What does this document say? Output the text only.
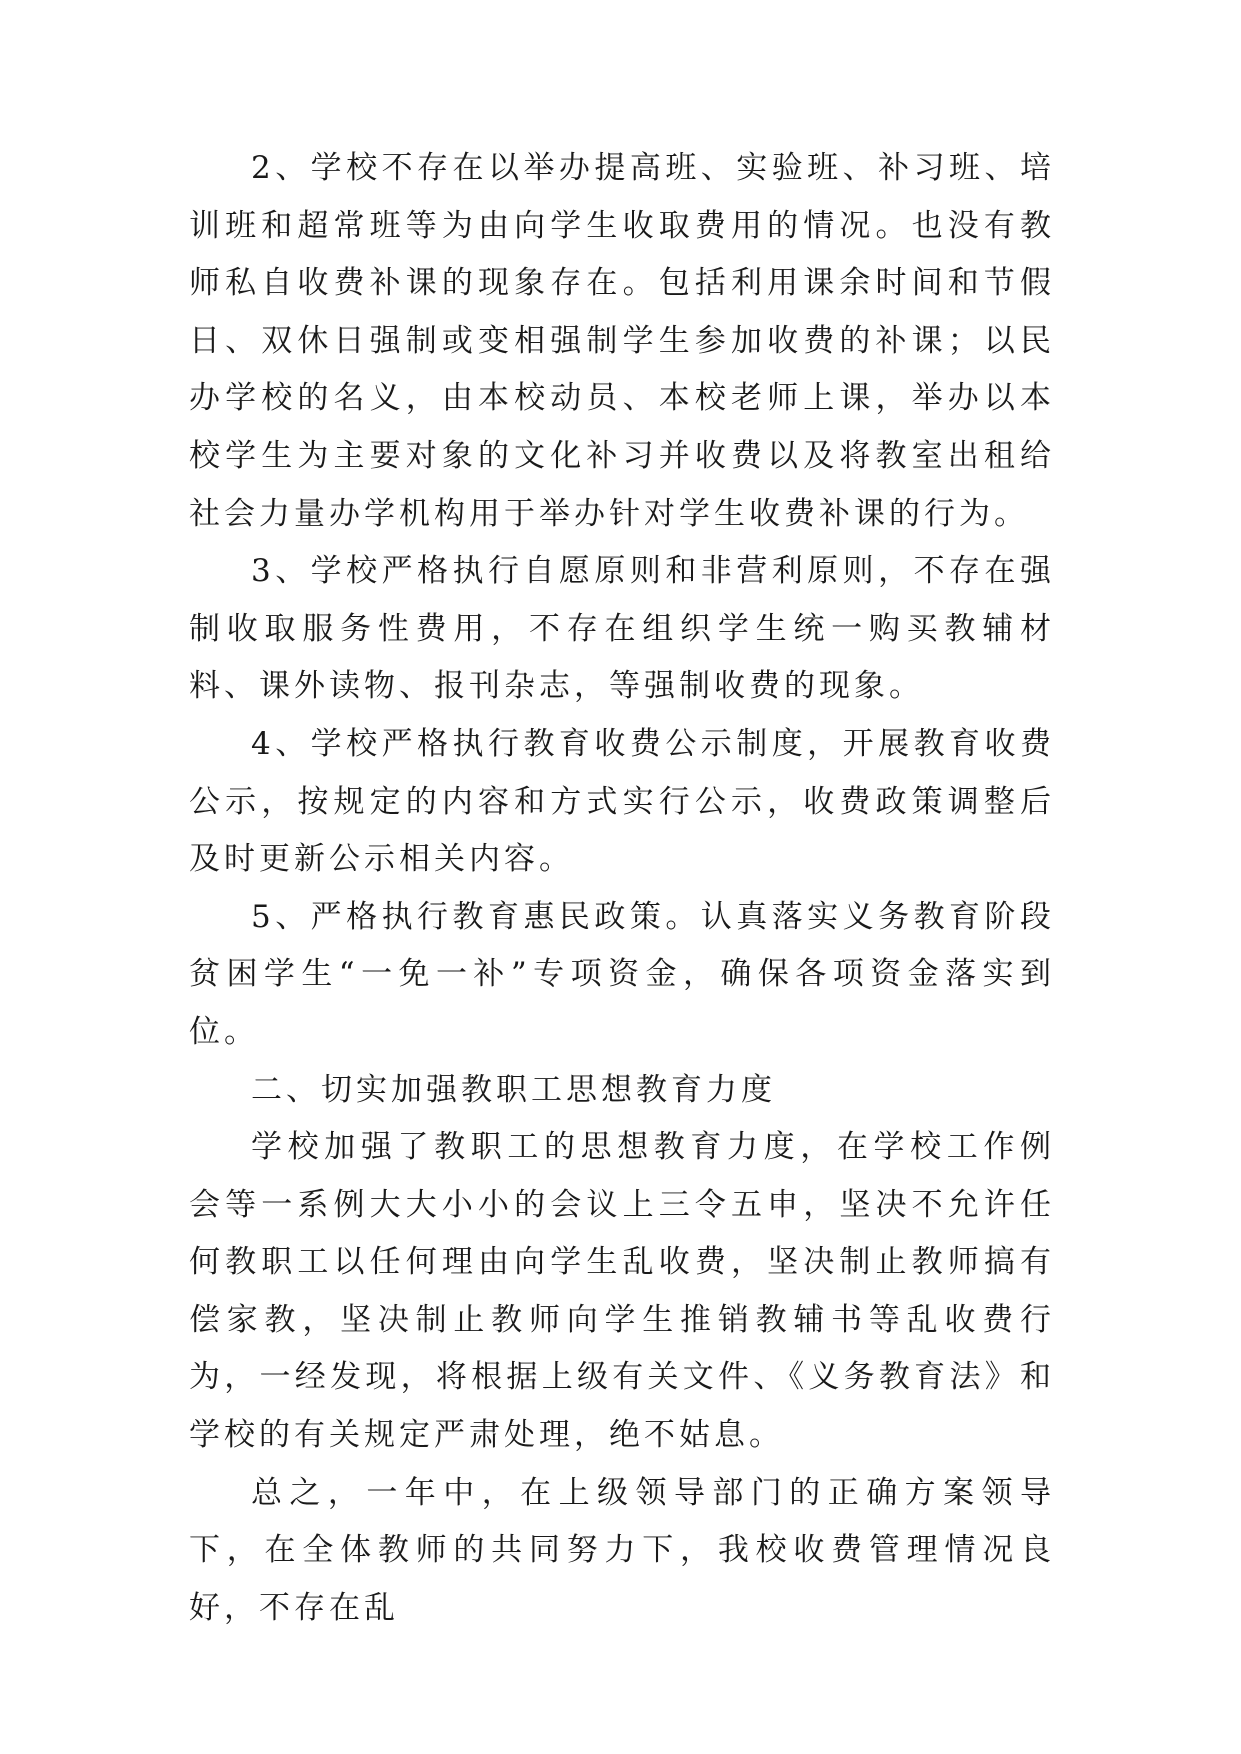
2、学校不存在以举办提高班、实验班、补习班、培训班和超常班等为由向学生收取费用的情况。也没有教师私自收费补课的现象存在。包括利用课余时间和节假日、双休日强制或变相强制学生参加收费的补课；以民办学校的名义，由本校动员、本校老师上课，举办以本校学生为主要对象的文化补习并收费以及将教室出租给社会力量办学机构用于举办针对学生收费补课的行为。

3、学校严格执行自愿原则和非营利原则，不存在强制收取服务性费用，不存在组织学生统一购买教辅材料、课外读物、报刊杂志，等强制收费的现象。

4、学校严格执行教育收费公示制度，开展教育收费公示，按规定的内容和方式实行公示，收费政策调整后及时更新公示相关内容。

5、严格执行教育惠民政策。认真落实义务教育阶段贫困学生“一免一补”专项资金，确保各项资金落实到位。

二、切实加强教职工思想教育力度

学校加强了教职工的思想教育力度，在学校工作例会等一系例大大小小的会议上三令五申，坚决不允许任何教职工以任何理由向学生乱收费，坚决制止教师搞有偿家教，坚决制止教师向学生推销教辅书等乱收费行为，一经发现，将根据上级有关文件、《义务教育法》和学校的有关规定严肃处理，绝不姑息。

总之，一年中，在上级领导部门的正确方案领导下，在全体教师的共同努力下，我校收费管理情况良好，不存在乱
